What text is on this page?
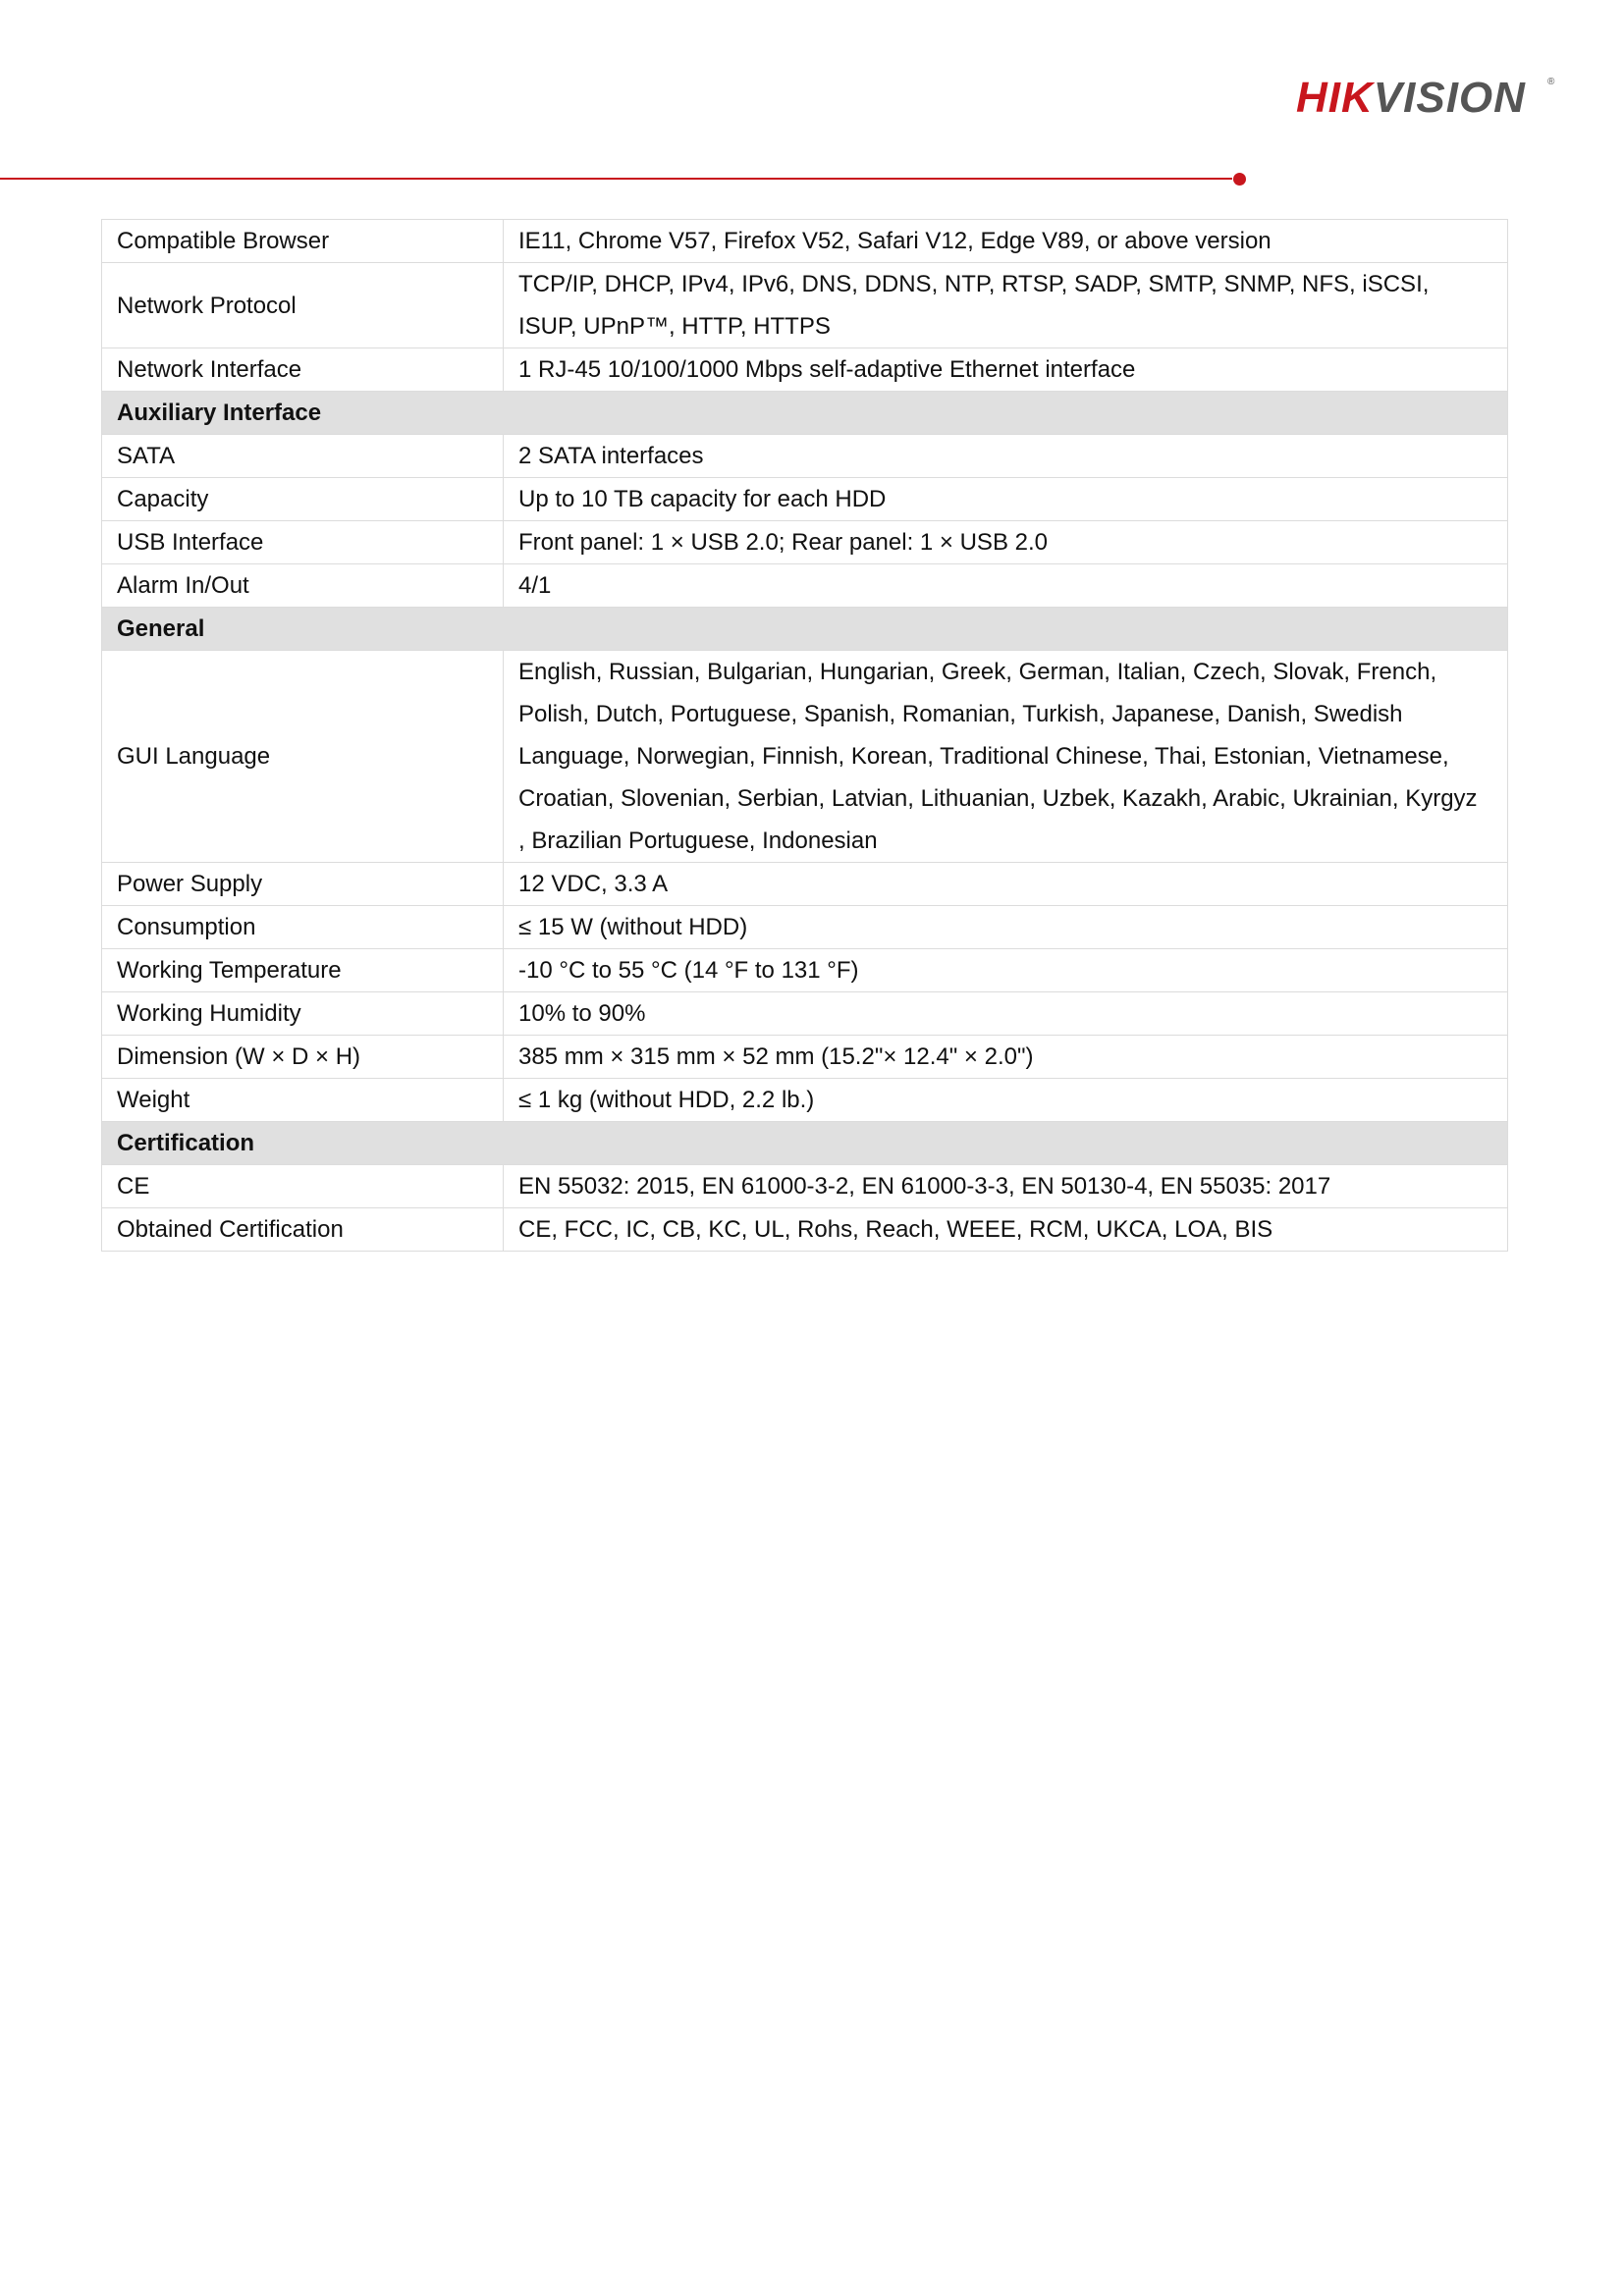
HIKVISION ®
Compatible Browser	IE11, Chrome V57, Firefox V52, Safari V12, Edge V89, or above version
Network Protocol	TCP/IP, DHCP, IPv4, IPv6, DNS, DDNS, NTP, RTSP, SADP, SMTP, SNMP, NFS, iSCSI, ISUP, UPnP™, HTTP, HTTPS
Network Interface	1 RJ-45 10/100/1000 Mbps self-adaptive Ethernet interface
Auxiliary Interface	
SATA	2 SATA interfaces
Capacity	Up to 10 TB capacity for each HDD
USB Interface	Front panel: 1 × USB 2.0; Rear panel: 1 × USB 2.0
Alarm In/Out	4/1
General	
GUI Language	English, Russian, Bulgarian, Hungarian, Greek, German, Italian, Czech, Slovak, French, Polish, Dutch, Portuguese, Spanish, Romanian, Turkish, Japanese, Danish, Swedish Language, Norwegian, Finnish, Korean, Traditional Chinese, Thai, Estonian, Vietnamese, Croatian, Slovenian, Serbian, Latvian, Lithuanian, Uzbek, Kazakh, Arabic, Ukrainian, Kyrgyz , Brazilian Portuguese, Indonesian
Power Supply	12 VDC, 3.3 A
Consumption	≤ 15 W (without HDD)
Working Temperature	-10 °C to 55 °C (14 °F to 131 °F)
Working Humidity	10% to 90%
Dimension (W × D × H)	385 mm × 315 mm × 52 mm (15.2"× 12.4" × 2.0")
Weight	≤ 1 kg (without HDD, 2.2 lb.)
Certification	
CE	EN 55032: 2015, EN 61000-3-2, EN 61000-3-3, EN 50130-4, EN 55035: 2017
Obtained Certification	CE, FCC, IC, CB, KC, UL, Rohs, Reach, WEEE, RCM, UKCA, LOA, BIS
